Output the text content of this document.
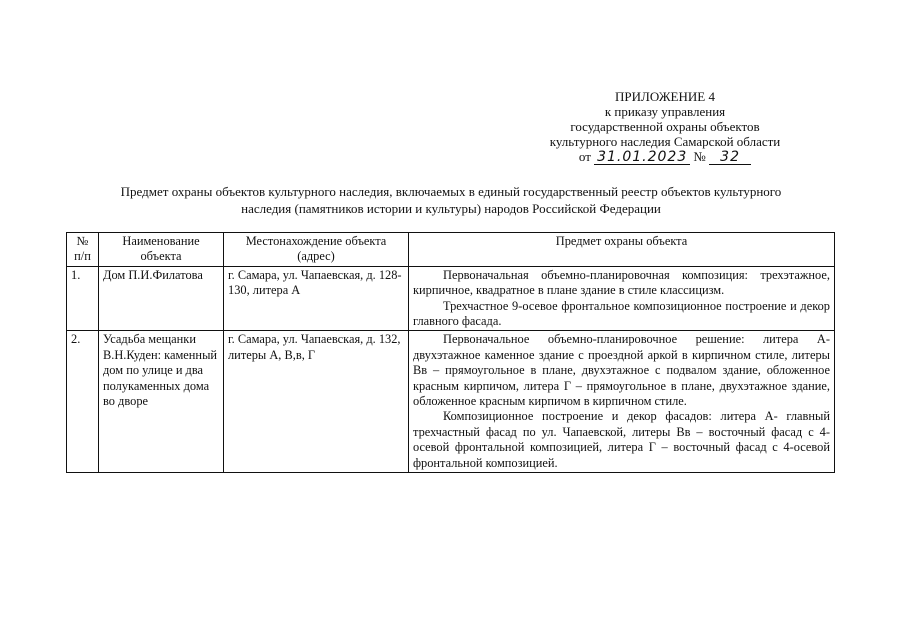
ПРИЛОЖЕНИЕ 4
к приказу управления
государственной охраны объектов
культурного наследия Самарской области
от 31.01.2023 № 32
Предмет охраны объектов культурного наследия, включаемых в единый государственный реестр объектов культурного
наследия (памятников истории и культуры) народов Российской Федерации
№ п/п	Наименование объекта	Местонахождение объекта (адрес)	Предмет охраны объекта
1.	Дом П.И.Филатова	г. Самара, ул. Чапаевская, д. 128-130, литера А	Первоначальная объемно-планировочная композиция: трехэтажное, кирпичное, квадратное в плане здание в стиле классицизм.

Трехчастное 9-осевое фронтальное композиционное построение и декор главного фасада.

2.	Усадьба мещанки В.Н.Куден: каменный дом по улице и два полукаменных дома во дворе	г. Самара, ул. Чапаевская, д. 132, литеры А, В,в, Г	Первоначальное объемно-планировочное решение: литера А- двухэтажное каменное здание с проездной аркой в кирпичном стиле, литеры Вв – прямоугольное в плане, двухэтажное с подвалом здание, обложенное красным кирпичом, литера Г – прямоугольное в плане, двухэтажное здание, обложенное красным кирпичом в кирпичном стиле.

Композиционное построение и декор фасадов: литера А- главный трехчастный фасад по ул. Чапаевской, литеры Вв – восточный фасад с 4-осевой фронтальной композицией, литера Г – восточный фасад с 4-осевой фронтальной композицией.
